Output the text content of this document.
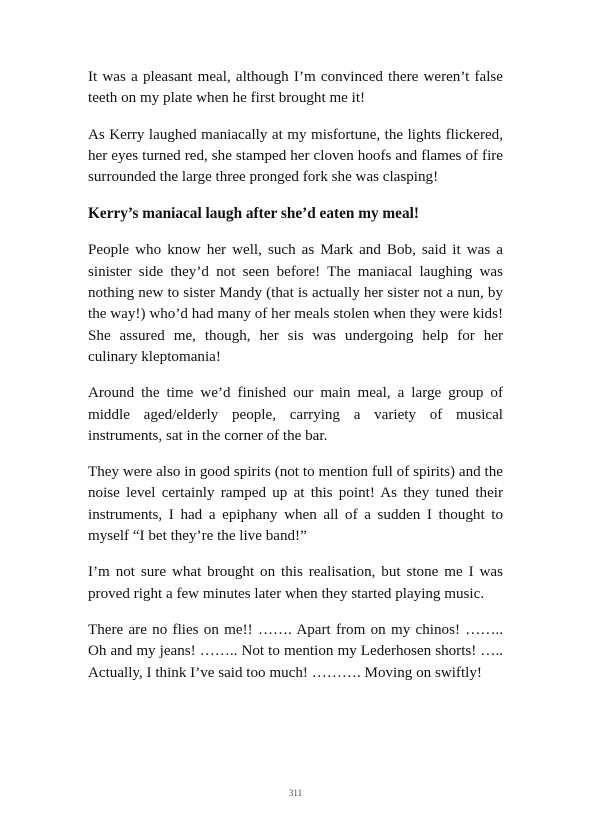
It was a pleasant meal, although I’m convinced there weren’t false teeth on my plate when he first brought me it!

As Kerry laughed maniacally at my misfortune, the lights flickered, her eyes turned red, she stamped her cloven hoofs and flames of fire surrounded the large three pronged fork she was clasping!

Kerry’s maniacal laugh after she’d eaten my meal!

People who know her well, such as Mark and Bob, said it was a sinister side they’d not seen before! The maniacal laughing was nothing new to sister Mandy (that is actually her sister not a nun, by the way!) who’d had many of her meals stolen when they were kids! She assured me, though, her sis was undergoing help for her culinary kleptomania!

Around the time we’d finished our main meal, a large group of middle aged/elderly people, carrying a variety of musical instruments, sat in the corner of the bar.

They were also in good spirits (not to mention full of spirits) and the noise level certainly ramped up at this point! As they tuned their instruments, I had a epiphany when all of a sudden I thought to myself “I bet they’re the live band!”

I’m not sure what brought on this realisation, but stone me I was proved right a few minutes later when they started playing music.

There are no flies on me!! ……. Apart from on my chinos! …….. Oh and my jeans! …….. Not to mention my Lederhosen shorts! ….. Actually, I think I’ve said too much! ………. Moving on swiftly!

311
